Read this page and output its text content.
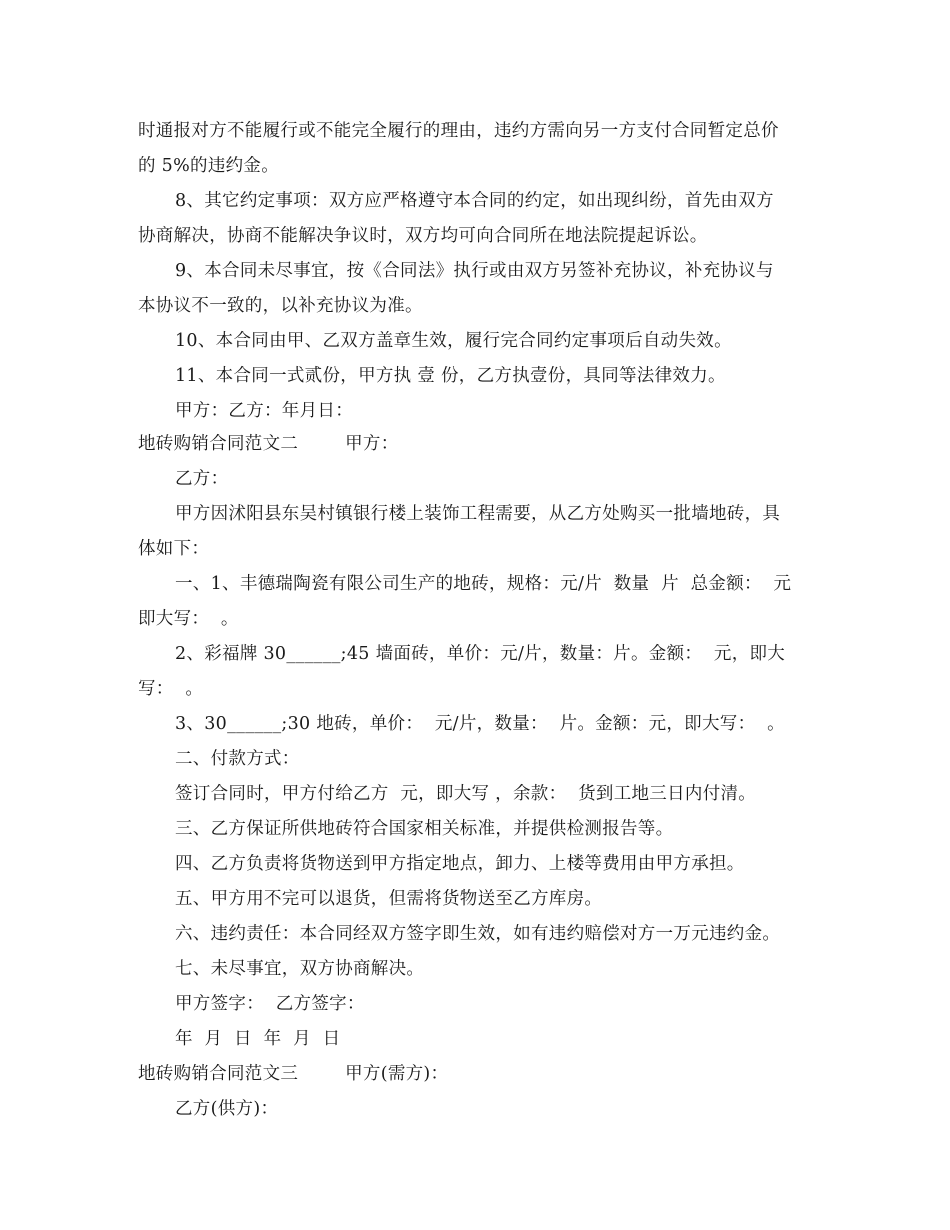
时通报对方不能履行或不能完全履行的理由，违约方需向另一方支付合同暂定总价
的 5%的违约金。
8、其它约定事项：双方应严格遵守本合同的约定，如出现纠纷，首先由双方
协商解决，协商不能解决争议时，双方均可向合同所在地法院提起诉讼。
9、本合同未尽事宜，按《合同法》执行或由双方另签补充协议，补充协议与
本协议不一致的，以补充协议为准。
10、本合同由甲、乙双方盖章生效，履行完合同约定事项后自动失效。
11、本合同一式贰份，甲方执 壹 份，乙方执壹份，具同等法律效力。
甲方：乙方：年月日：
地砖购销合同范文二        甲方：
乙方：
甲方因沭阳县东吴村镇银行楼上装饰工程需要，从乙方处购买一批墙地砖，具
体如下：
一、1、丰德瑞陶瓷有限公司生产的地砖，规格：元/片  数量  片  总金额：  元
即大写：  。
2、彩福牌 30______;45 墙面砖，单价：元/片，数量：片。金额：  元，即大
写：  。
3、30______;30 地砖，单价：  元/片，数量：  片。金额：元，即大写：  。
二、付款方式：
签订合同时，甲方付给乙方  元，即大写 ，余款：  货到工地三日内付清。
三、乙方保证所供地砖符合国家相关标准，并提供检测报告等。
四、乙方负责将货物送到甲方指定地点，卸力、上楼等费用由甲方承担。
五、甲方用不完可以退货，但需将货物送至乙方库房。
六、违约责任：本合同经双方签字即生效，如有违约赔偿对方一万元违约金。
七、未尽事宜，双方协商解决。
甲方签字：  乙方签字：
年  月  日  年  月  日
地砖购销合同范文三        甲方(需方)：
乙方(供方)：
